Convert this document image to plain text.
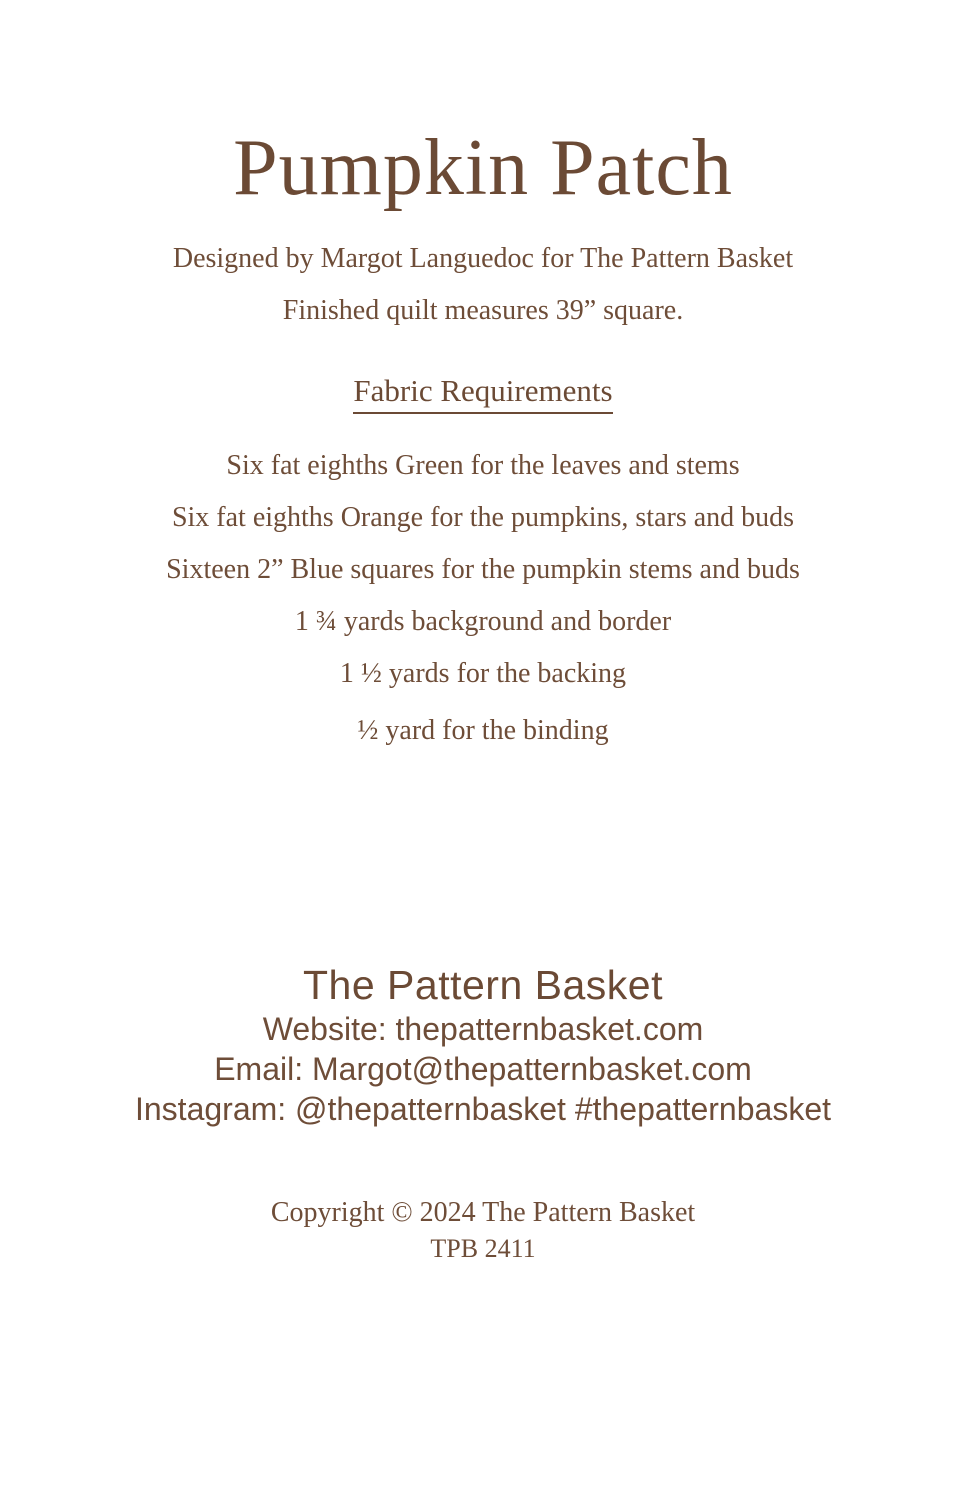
Pumpkin Patch
Designed by Margot Languedoc for The Pattern Basket
Finished quilt measures 39” square.
Fabric Requirements
Six fat eighths Green for the leaves and stems
Six fat eighths Orange for the pumpkins, stars and buds
Sixteen 2” Blue squares for the pumpkin stems and buds
1 ¾ yards background and border
1 ½ yards for the backing
½ yard for the binding
The Pattern Basket
Website: thepatternbasket.com
Email: Margot@thepatternbasket.com
Instagram: @thepatternbasket #thepatternbasket
Copyright © 2024 The Pattern Basket
TPB 2411
